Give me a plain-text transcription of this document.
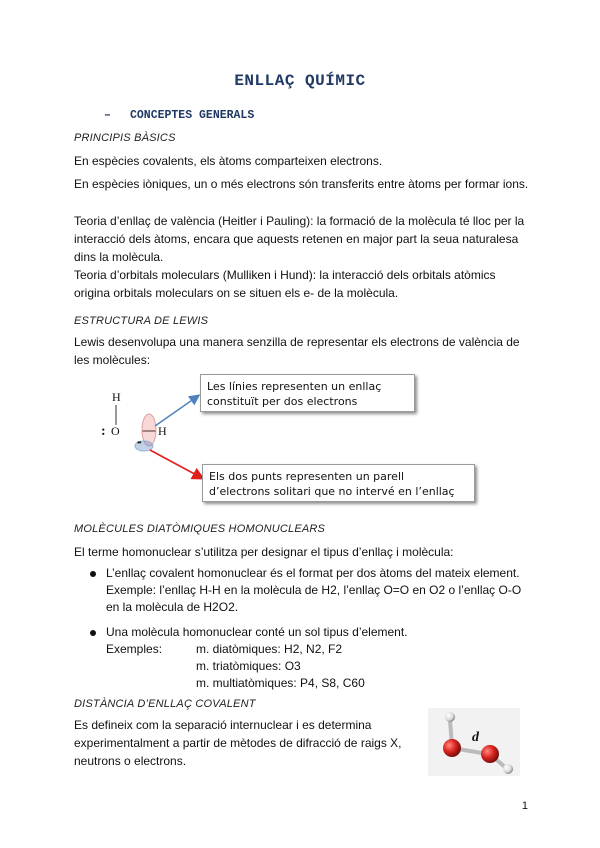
ENLLAÇ QUÍMIC
– CONCEPTES GENERALS
PRINCIPIS BÀSICS
En espècies covalents, els àtoms comparteixen electrons.
En espècies iòniques, un o més electrons són transferits entre àtoms per formar ions.
Teoria d’enllaç de valència (Heitler i Pauling): la formació de la molècula té lloc per la interacció dels àtoms, encara que aquests retenen en major part la seua naturalesa dins la molècula.
Teoria d’orbitals moleculars (Mulliken i Hund): la interacció dels orbitals atòmics origina orbitals moleculars on se situen els e- de la molècula.
ESTRUCTURA DE LEWIS
Lewis desenvolupa una manera senzilla de representar els electrons de valència de les molècules:
H
: O	H
••
Les línies representen un enllaç constituït per dos electrons
Els dos punts representen un parell d’electrons solitari que no intervé en l’enllaç
MOLÈCULES DIATÒMIQUES HOMONUCLEARS
El terme homonuclear s’utilitza per designar el tipus d’enllaç i molècula:
L’enllaç covalent homonuclear és el format per dos àtoms del mateix element. Exemple: l’enllaç H-H en la molècula de H2, l’enllaç O=O en O2 o l’enllaç O-O en la molècula de H2O2.
Una molècula homonuclear conté un sol tipus d’element.
Exemples:	m. diatòmiques: H2, N2, F2
m. triatòmiques: O3
m. multiatòmiques: P4, S8, C60
DISTÀNCIA D’ENLLAÇ COVALENT
Es defineix com la separació internuclear i es determina experimentalment a partir de mètodes de difracció de raigs X, neutrons o electrons.
d
1
